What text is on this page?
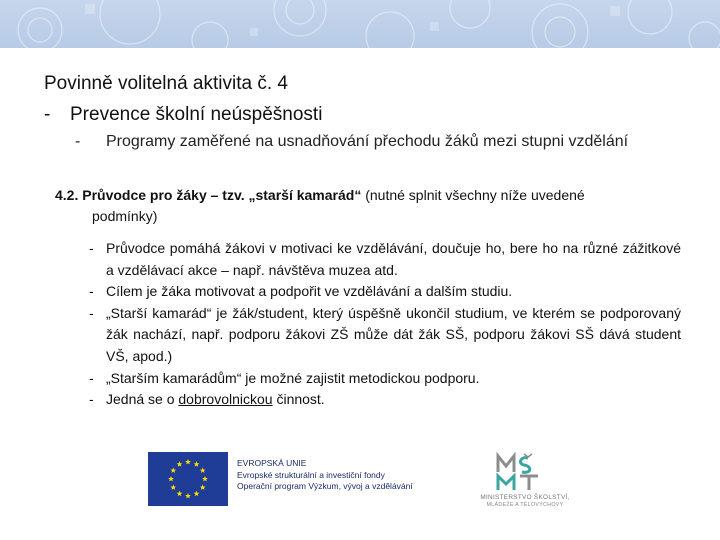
Povinně volitelná aktivita č. 4
- Prevence školní neúspěšnosti
- Programy zaměřené na usnadňování přechodu žáků mezi stupni vzdělání
4.2. Průvodce pro žáky – tzv. „starší kamarád“ (nutné splnit všechny níže uvedené
podmínky)
- Průvodce pomáhá žákovi v motivaci ke vzdělávání, doučuje ho, bere ho na různé zážitkové a vzdělávací akce – např. návštěva muzea atd.
- Cílem je žáka motivovat a podpořit ve vzdělávání a dalším studiu.
- „Starší kamarád“ je žák/student, který úspěšně ukončil studium, ve kterém se podporovaný žák nachází, např. podporu žákovi ZŠ může dát žák SŠ, podporu žákovi SŠ dává student VŠ, apod.)
- „Starším kamarádům“ je možné zajistit metodickou podporu.
- Jedná se o dobrovolnickou činnost.
EVROPSKÁ UNIE
Evropské strukturální a investiční fondy
Operační program Výzkum, vývoj a vzdělávání
MINISTERSTVO ŠKOLSTVÍ,
MLÁDEŽE A TĚLOVÝCHOVY
